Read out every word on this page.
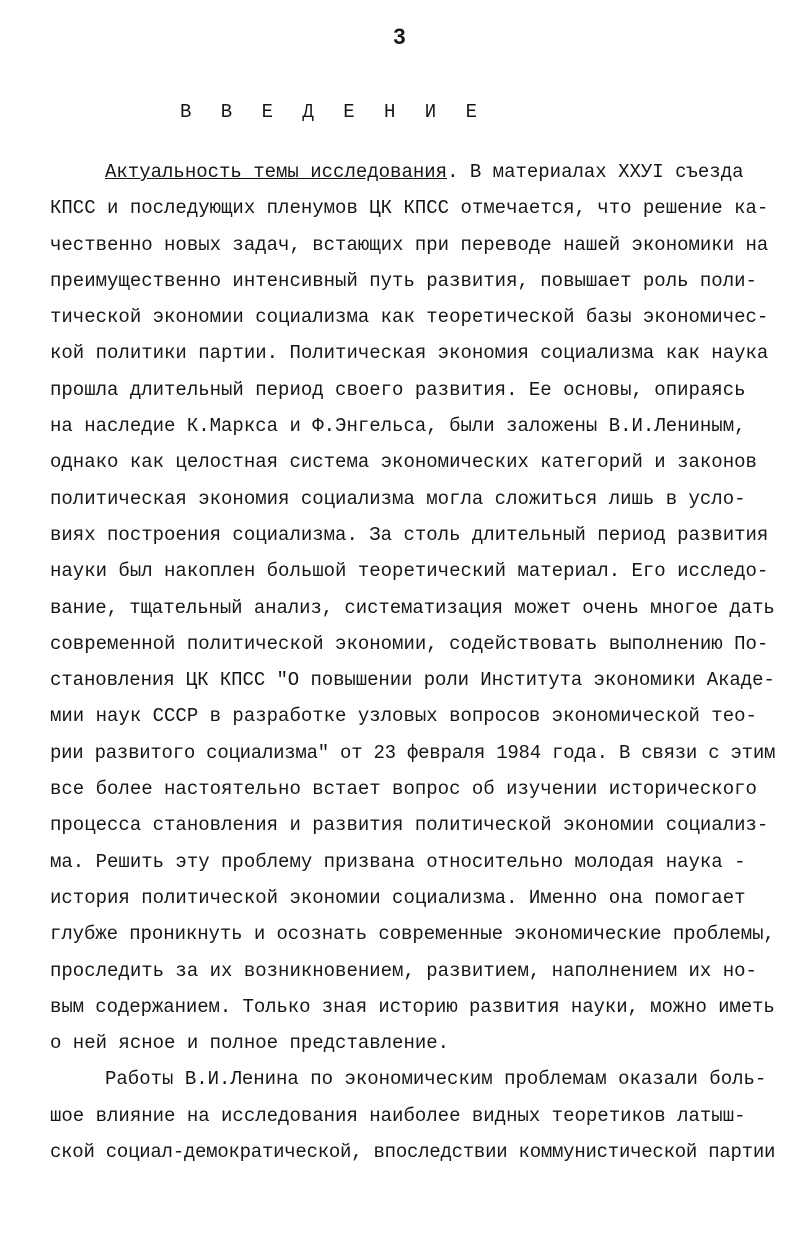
3
В В Е Д Е Н И Е
Актуальность темы исследования. В материалах XXУI съезда
КПСС и последующих пленумов ЦК КПСС отмечается, что решение ка-
чественно новых задач, встающих при переводе нашей экономики на
преимущественно интенсивный путь развития, повышает роль поли-
тической экономии социализма как теоретической базы экономичес-
кой политики партии. Политическая экономия социализма как наука
прошла длительный период своего развития. Ее основы, опираясь
на наследие К.Маркса и Ф.Энгельса, были заложены В.И.Лениным,
однако как целостная система экономических категорий и законов
политическая экономия социализма могла сложиться лишь в усло-
виях построения социализма. За столь длительный период развития
науки был накоплен большой теоретический материал. Его исследо-
вание, тщательный анализ, систематизация может очень многое дать
современной политической экономии, содействовать выполнению По-
становления ЦК КПСС "О повышении роли Института экономики Акаде-
мии наук СССР в разработке узловых вопросов экономической тео-
рии развитого социализма" от 23 февраля 1984 года. В связи с этим
все более настоятельно встает вопрос об изучении исторического
процесса становления и развития политической экономии социализ-
ма. Решить эту проблему призвана относительно молодая наука -
история политической экономии социализма. Именно она помогает
глубже проникнуть и осознать современные экономические проблемы,
проследить за их возникновением, развитием, наполнением их но-
вым содержанием. Только зная историю развития науки, можно иметь
о ней ясное и полное представление.
Работы В.И.Ленина по экономическим проблемам оказали боль-
шое влияние на исследования наиболее видных теоретиков латыш-
ской социал-демократической, впоследствии коммунистической партии
